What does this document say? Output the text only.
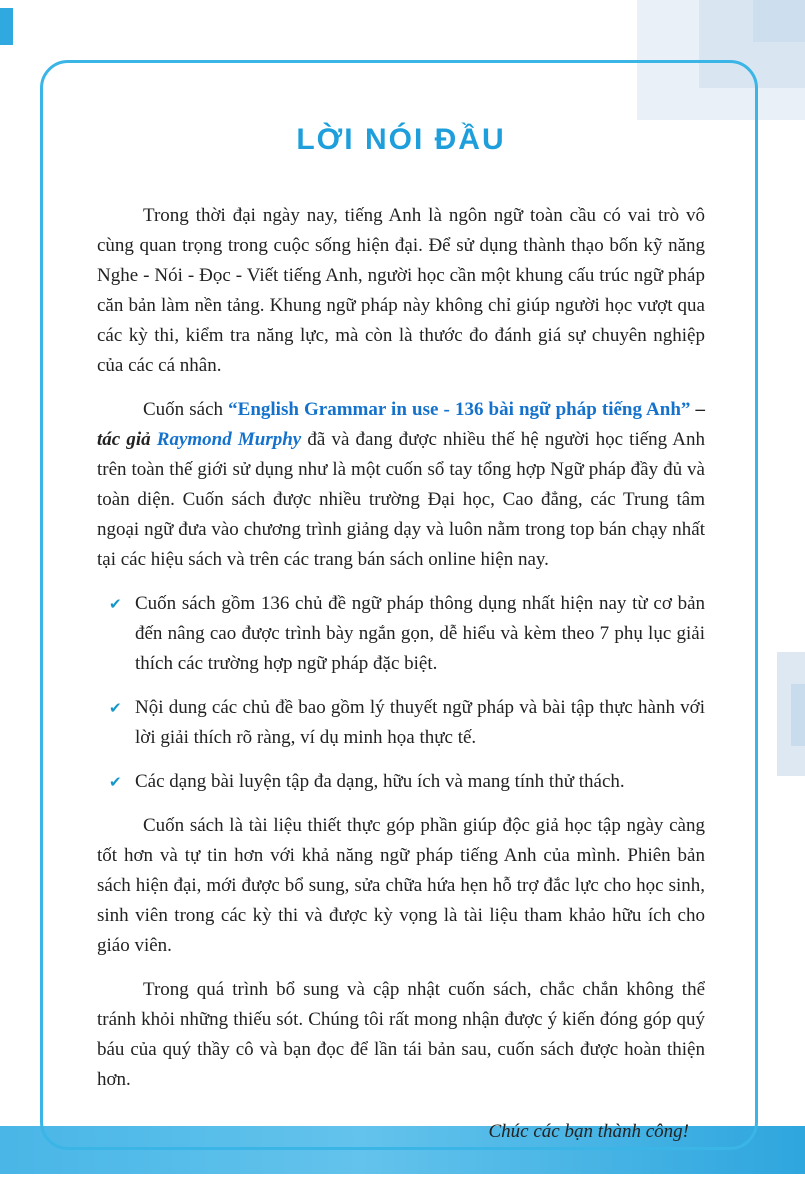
LỜI NÓI ĐẦU

Trong thời đại ngày nay, tiếng Anh là ngôn ngữ toàn cầu có vai trò vô cùng quan trọng trong cuộc sống hiện đại. Để sử dụng thành thạo bốn kỹ năng Nghe - Nói - Đọc - Viết tiếng Anh, người học cần một khung cấu trúc ngữ pháp căn bản làm nền tảng. Khung ngữ pháp này không chỉ giúp người học vượt qua các kỳ thi, kiểm tra năng lực, mà còn là thước đo đánh giá sự chuyên nghiệp của các cá nhân.

Cuốn sách “English Grammar in use - 136 bài ngữ pháp tiếng Anh” – tác giả Raymond Murphy đã và đang được nhiều thế hệ người học tiếng Anh trên toàn thế giới sử dụng như là một cuốn sổ tay tổng hợp Ngữ pháp đầy đủ và toàn diện. Cuốn sách được nhiều trường Đại học, Cao đẳng, các Trung tâm ngoại ngữ đưa vào chương trình giảng dạy và luôn nằm trong top bán chạy nhất tại các hiệu sách và trên các trang bán sách online hiện nay.

✔ Cuốn sách gồm 136 chủ đề ngữ pháp thông dụng nhất hiện nay từ cơ bản đến nâng cao được trình bày ngắn gọn, dễ hiểu và kèm theo 7 phụ lục giải thích các trường hợp ngữ pháp đặc biệt.
✔ Nội dung các chủ đề bao gồm lý thuyết ngữ pháp và bài tập thực hành với lời giải thích rõ ràng, ví dụ minh họa thực tế.
✔ Các dạng bài luyện tập đa dạng, hữu ích và mang tính thử thách.

Cuốn sách là tài liệu thiết thực góp phần giúp độc giả học tập ngày càng tốt hơn và tự tin hơn với khả năng ngữ pháp tiếng Anh của mình. Phiên bản sách hiện đại, mới được bổ sung, sửa chữa hứa hẹn hỗ trợ đắc lực cho học sinh, sinh viên trong các kỳ thi và được kỳ vọng là tài liệu tham khảo hữu ích cho giáo viên.

Trong quá trình bổ sung và cập nhật cuốn sách, chắc chắn không thể tránh khỏi những thiếu sót. Chúng tôi rất mong nhận được ý kiến đóng góp quý báu của quý thầy cô và bạn đọc để lần tái bản sau, cuốn sách được hoàn thiện hơn.

Chúc các bạn thành công!
